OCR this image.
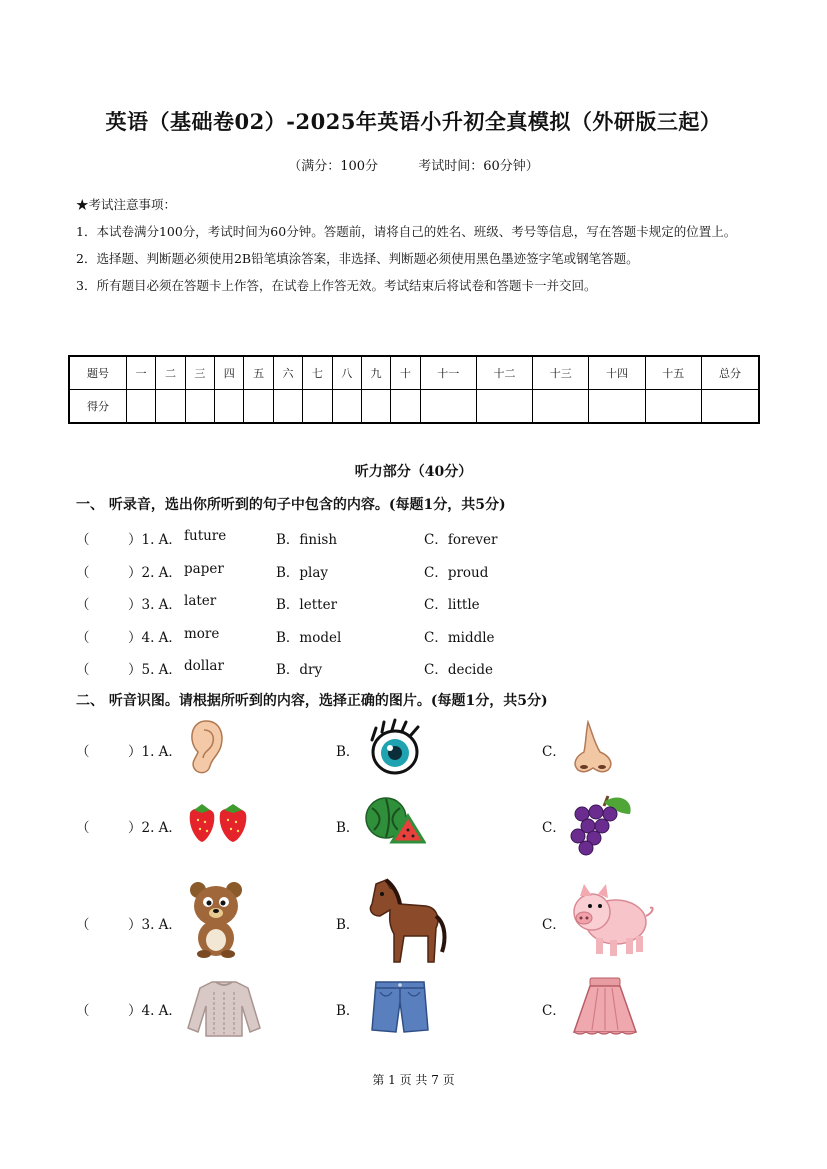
英语（基础卷02）-2025年英语小升初全真模拟（外研版三起）
（满分：100分	考试时间：60分钟）

★考试注意事项：

1．本试卷满分100分，考试时间为60分钟。答题前，请将自己的姓名、班级、考号等信息，写在答题卡规定的位置上。

2．选择题、判断题必须使用2B铅笔填涂答案，非选择、判断题必须使用黑色墨迹签字笔或钢笔答题。

3．所有题目必须在答题卡上作答，在试卷上作答无效。考试结束后将试卷和答题卡一并交回。

题号	一	二	三	四	五	六	七	八	九	十	十一	十二	十三	十四	十五	总分
得分																
听力部分（40分）
一、 听录音，选出你所听到的句子中包含的内容。(每题1分，共5分)
（	）1. A． future	B．finish	C．forever
（	）2. A． paper	B．play	C．proud
（	）3. A． later	B．letter	C．little
（	）4. A． more	B．model	C．middle
（	）5. A． dollar	B．dry	C．decide
二、 听音识图。请根据所听到的内容，选择正确的图片。(每题1分，共5分)
（	）1. A．	B．	C．
（	）2. A．	B．	C．
（	）3. A．	B．	C．
（	）4. A．	B．	C．
第 1 页 共 7 页
